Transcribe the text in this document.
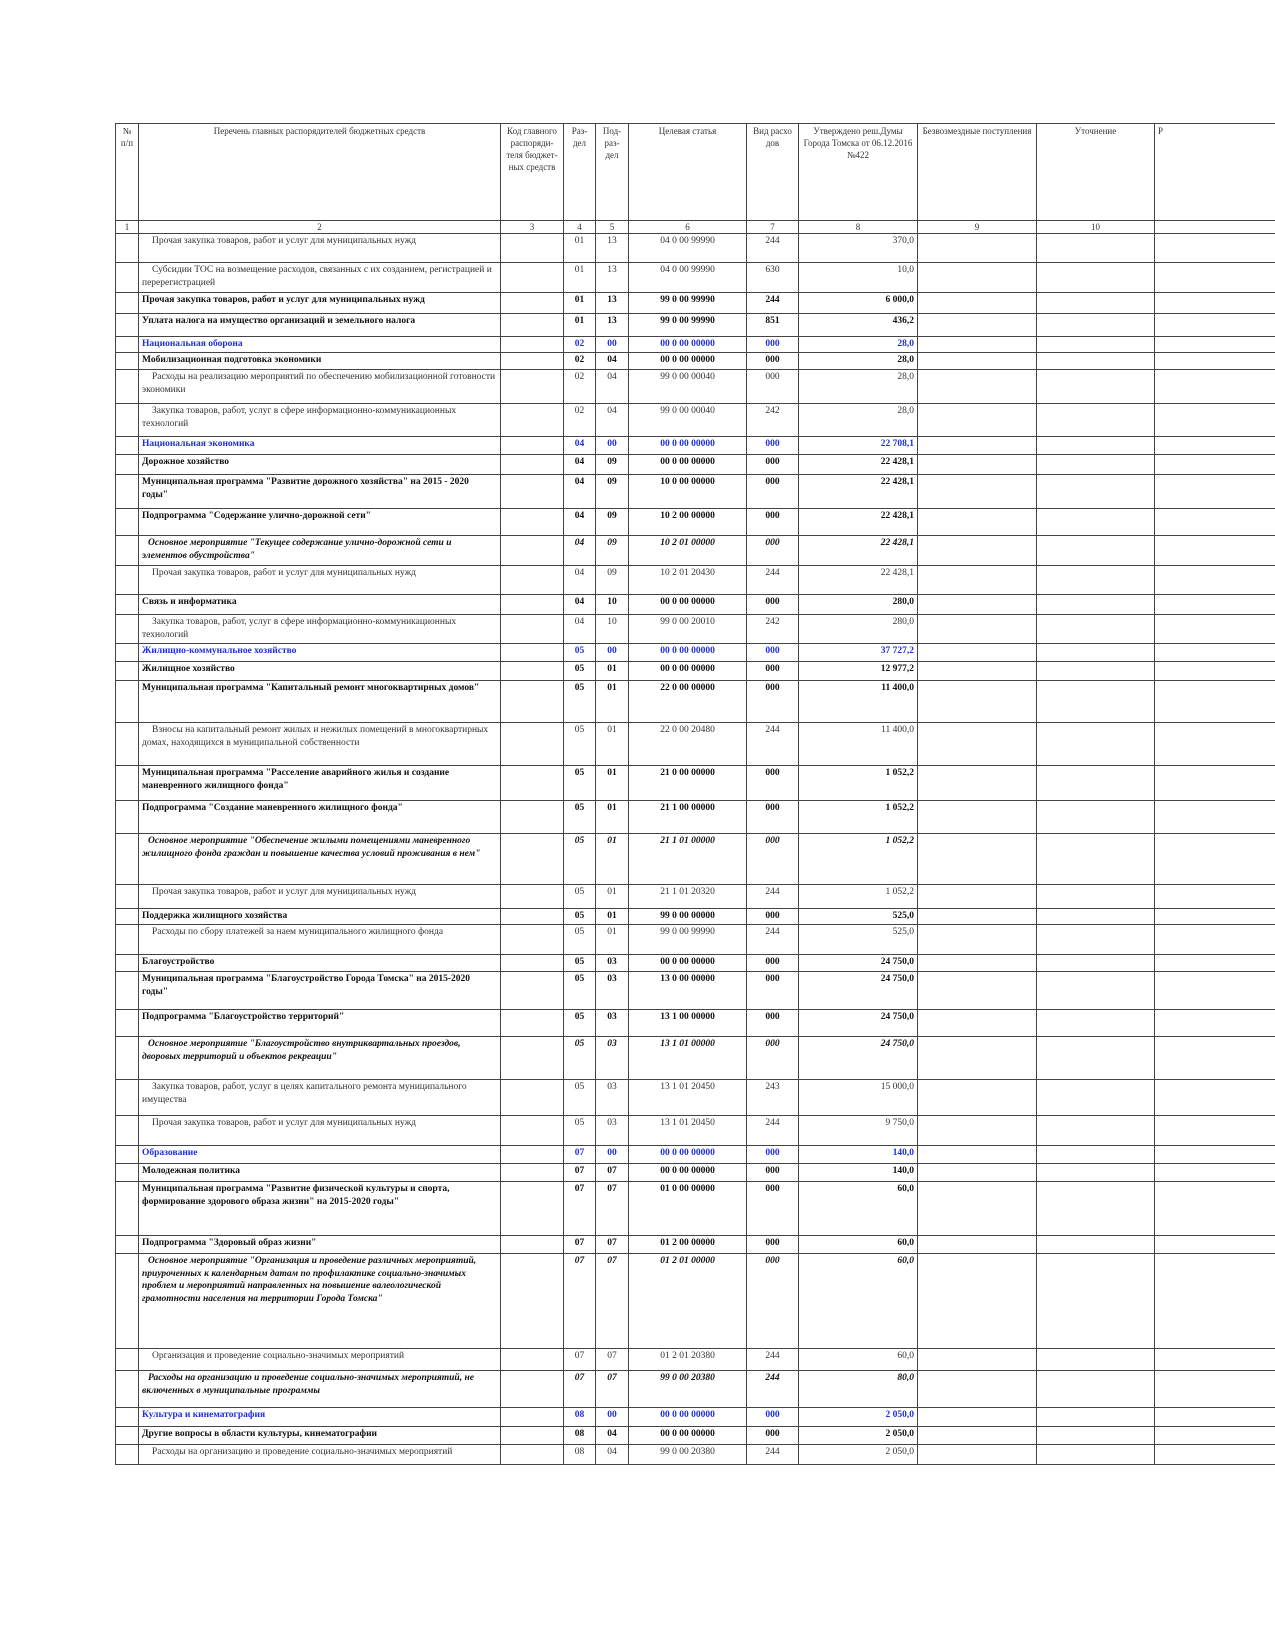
№ п/п	Перечень главных распорядителей бюджетных средств	Код главного распоряди-теля бюджет-ных средств	Раз-дел	Под-раз-дел	Целевая статья	Вид расхо дов	Утверждено реш.Думы Города Томска от 06.12.2016 №422	Безвозмездные поступления	Уточнение	Р
1	2	3	4	5	6	7	8	9	10	
	Прочая закупка товаров, работ и услуг для муниципальных нужд		01	13	04 0 00 99990	244	370,0			
	Субсидии ТОС на возмещение расходов, связанных с их созданием, регистрацией и перерегистрацией		01	13	04 0 00 99990	630	10,0			
	Прочая закупка товаров, работ и услуг для муниципальных нужд		01	13	99 0 00 99990	244	6 000,0			
	Уплата налога на имущество организаций и земельного налога		01	13	99 0 00 99990	851	436,2			
	Национальная оборона		02	00	00 0 00 00000	000	28,0			
	Мобилизационная подготовка экономики		02	04	00 0 00 00000	000	28,0			
	Расходы на реализацию мероприятий по обеспечению мобилизационной готовности экономики		02	04	99 0 00 00040	000	28,0			
	Закупка товаров, работ, услуг в сфере информационно-коммуникационных технологий		02	04	99 0 00 00040	242	28,0			
	Национальная экономика		04	00	00 0 00 00000	000	22 708,1			
	Дорожное хозяйство		04	09	00 0 00 00000	000	22 428,1			
	Муниципальная программа "Развитие дорожного хозяйства" на 2015 - 2020 годы"		04	09	10 0 00 00000	000	22 428,1			
	Подпрограмма "Содержание улично-дорожной сети"		04	09	10 2 00 00000	000	22 428,1			
	Основное мероприятие "Текущее содержание улично-дорожной сети и элементов обустройства"		04	09	10 2 01 00000	000	22 428,1			
	Прочая закупка товаров, работ и услуг для муниципальных нужд		04	09	10 2 01 20430	244	22 428,1			
	Связь и информатика		04	10	00 0 00 00000	000	280,0			
	Закупка товаров, работ, услуг в сфере информационно-коммуникационных технологий		04	10	99 0 00 20010	242	280,0			
	Жилищно-коммунальное хозяйство		05	00	00 0 00 00000	000	37 727,2			
	Жилищное хозяйство		05	01	00 0 00 00000	000	12 977,2			
	Муниципальная программа "Капитальный ремонт многоквартирных домов"		05	01	22 0 00 00000	000	11 400,0			
	Взносы на капитальный ремонт жилых и нежилых помещений в многоквартирных домах, находящихся в муниципальной собственности		05	01	22 0 00 20480	244	11 400,0			
	Муниципальная программа "Расселение аварийного жилья и создание маневренного жилищного фонда"		05	01	21 0 00 00000	000	1 052,2			
	Подпрограмма "Создание маневренного жилищного фонда"		05	01	21 1 00 00000	000	1 052,2			
	Основное мероприятие "Обеспечение жилыми помещениями маневренного жилищного фонда граждан и повышение качества условий проживания в нем"		05	01	21 1 01 00000	000	1 052,2			
	Прочая закупка товаров, работ и услуг для муниципальных нужд		05	01	21 1 01 20320	244	1 052,2			
	Поддержка жилищного хозяйства		05	01	99 0 00 00000	000	525,0			
	Расходы по сбору платежей за наем муниципального жилищного фонда		05	01	99 0 00 99990	244	525,0			
	Благоустройство		05	03	00 0 00 00000	000	24 750,0			
	Муниципальная программа "Благоустройство Города Томска" на 2015-2020 годы"		05	03	13 0 00 00000	000	24 750,0			
	Подпрограмма "Благоустройство территорий"		05	03	13 1 00 00000	000	24 750,0			
	Основное мероприятие "Благоустройство внутриквартальных проездов, дворовых территорий и объектов рекреации"		05	03	13 1 01 00000	000	24 750,0			
	Закупка товаров, работ, услуг в целях капитального ремонта муниципального имущества		05	03	13 1 01 20450	243	15 000,0			
	Прочая закупка товаров, работ и услуг для муниципальных нужд		05	03	13 1 01 20450	244	9 750,0			
	Образование		07	00	00 0 00 00000	000	140,0			
	Молодежная политика		07	07	00 0 00 00000	000	140,0			
	Муниципальная программа "Развитие физической культуры и спорта, формирование здорового образа жизни" на 2015-2020 годы"		07	07	01 0 00 00000	000	60,0			
	Подпрограмма "Здоровый образ жизни"		07	07	01 2 00 00000	000	60,0			
	Основное мероприятие "Организация и проведение различных мероприятий, приуроченных к календарным датам по профилактике социально-значимых проблем и мероприятий направленных на повышение валеологической грамотности населения на территории Города Томска"		07	07	01 2 01 00000	000	60,0			
	Организация и проведение социально-значимых мероприятий		07	07	01 2 01 20380	244	60,0			
	Расходы на организацию и проведение социально-значимых мероприятий, не включенных в муниципальные программы		07	07	99 0 00 20380	244	80,0			
	Культура и кинематография		08	00	00 0 00 00000	000	2 050,0			
	Другие вопросы в области культуры, кинематографии		08	04	00 0 00 00000	000	2 050,0			
	Расходы на организацию и проведение социально-значимых мероприятий		08	04	99 0 00 20380	244	2 050,0			
